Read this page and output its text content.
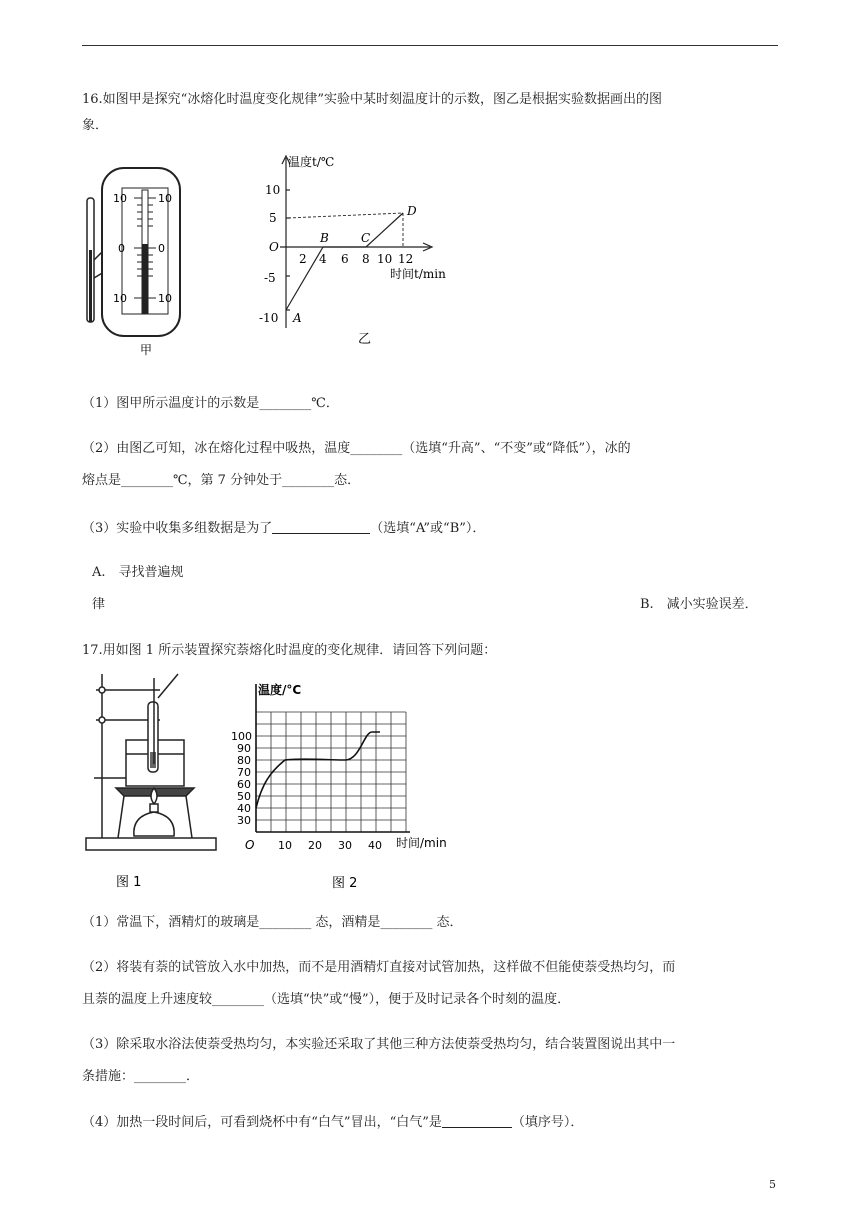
16.如图甲是探究“冰熔化时温度变化规律”实验中某时刻温度计的示数，图乙是根据实验数据画出的图
象．
10
0
10
10
0
10
甲
温度t/℃
10
5
O
-5
-10
2 4 6 8 10 12
时间t/min
A
B	C
D
乙
（1）图甲所示温度计的示数是________℃．
（2）由图乙可知，冰在熔化过程中吸热，温度________（选填“升高”、“不变”或“降低”），冰的
熔点是________℃，第 7 分钟处于________态．
（3）实验中收集多组数据是为了	（选填“A”或“B”）．
A.　寻找普遍规
律	B.　减小实验误差．
17.用如图 1 所示装置探究萘熔化时温度的变化规律．请回答下列问题：
图 1
温度/°C
100
90
80
70
60
50
40
30
O 10 20 30 40 时间/min
图 2
（1）常温下，酒精灯的玻璃是________ 态，酒精是________ 态．
（2）将装有萘的试管放入水中加热，而不是用酒精灯直接对试管加热，这样做不但能使萘受热均匀，而
且萘的温度上升速度较________（选填“快”或“慢”），便于及时记录各个时刻的温度．
（3）除采取水浴法使萘受热均匀，本实验还采取了其他三种方法使萘受热均匀，结合装置图说出其中一
条措施：________．
（4）加热一段时间后，可看到烧杯中有“白气”冒出，“白气”是	（填序号）．
5
